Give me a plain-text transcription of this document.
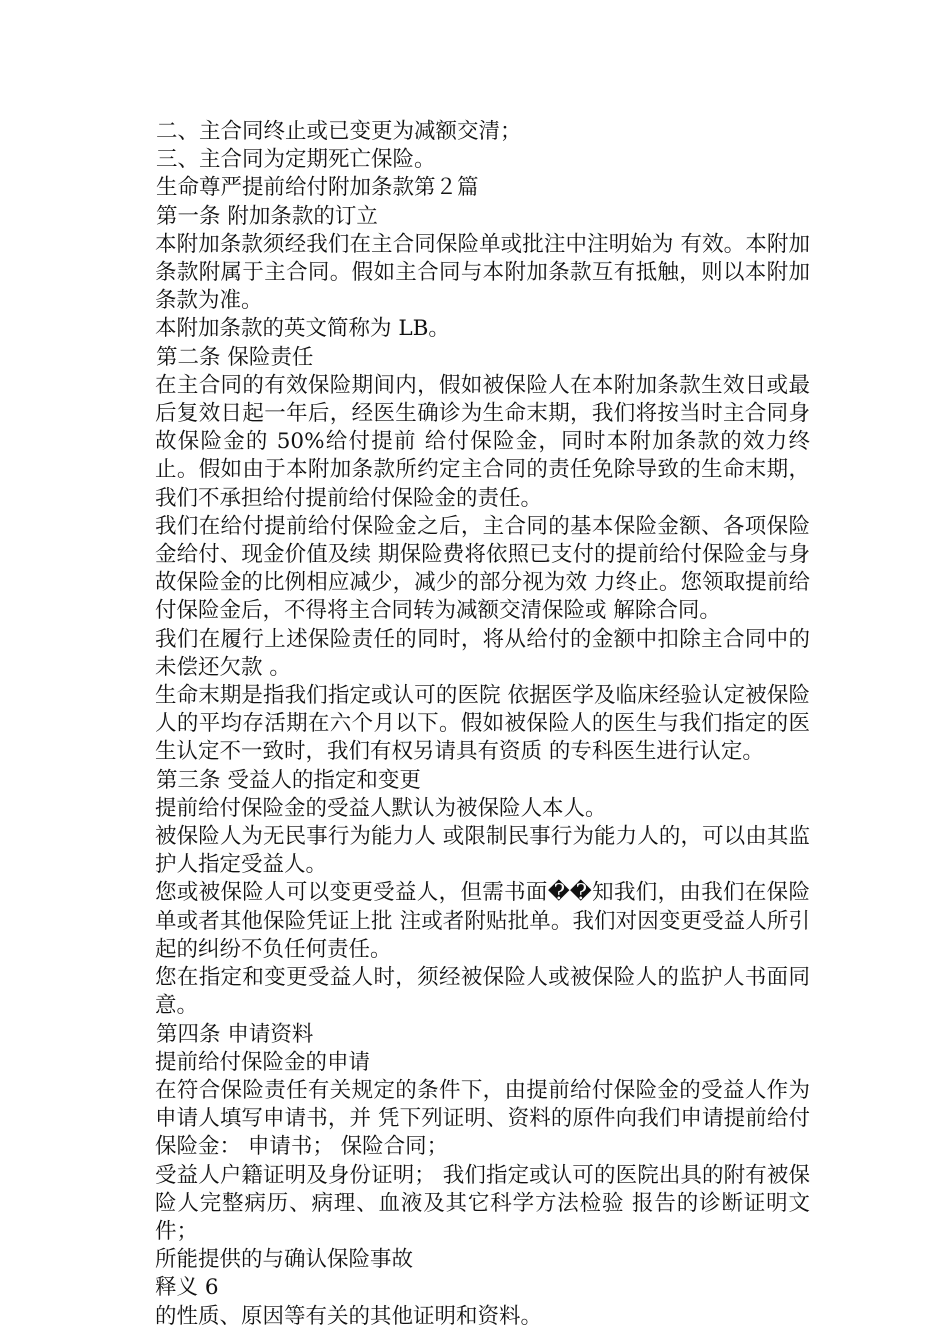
二、主合同终止或已变更为减额交清；

三、主合同为定期死亡保险。

生命尊严提前给付附加条款第２篇

第一条 附加条款的订立

本附加条款须经我们在主合同保险单或批注中注明始为 有效。本附加条款附属于主合同。假如主合同与本附加条款互有抵触，则以本附加条款为准。

本附加条款的英文简称为 LB。

第二条 保险责任

在主合同的有效保险期间内，假如被保险人在本附加条款生效日或最后复效日起一年后，经医生确诊为生命末期，我们将按当时主合同身故保险金的 50%给付提前 给付保险金，同时本附加条款的效力终止。假如由于本附加条款所约定主合同的责任免除导致的生命末期，我们不承担给付提前给付保险金的责任。

我们在给付提前给付保险金之后，主合同的基本保险金额、各项保险金给付、现金价值及续 期保险费将依照已支付的提前给付保险金与身故保险金的比例相应减少，减少的部分视为效 力终止。您领取提前给付保险金后，不得将主合同转为减额交清保险或 解除合同。

我们在履行上述保险责任的同时，将从给付的金额中扣除主合同中的未偿还欠款 。

生命末期是指我们指定或认可的医院 依据医学及临床经验认定被保险人的平均存活期在六个月以下。假如被保险人的医生与我们指定的医生认定不一致时，我们有权另请具有资质 的专科医生进行认定。

第三条 受益人的指定和变更

提前给付保险金的受益人默认为被保险人本人。

被保险人为无民事行为能力人 或限制民事行为能力人的，可以由其监护人指定受益人。

您或被保险人可以变更受益人，但需书面��知我们，由我们在保险单或者其他保险凭证上批 注或者附贴批单。我们对因变更受益人所引起的纠纷不负任何责任。

您在指定和变更受益人时，须经被保险人或被保险人的监护人书面同意。

第四条 申请资料

提前给付保险金的申请

在符合保险责任有关规定的条件下，由提前给付保险金的受益人作为申请人填写申请书，并 凭下列证明、资料的原件向我们申请提前给付保险金： 申请书； 保险合同；

受益人户籍证明及身份证明； 我们指定或认可的医院出具的附有被保险人完整病历、病理、血液及其它科学方法检验 报告的诊断证明文件；

所能提供的与确认保险事故

释义 6

的性质、原因等有关的其他证明和资料。
